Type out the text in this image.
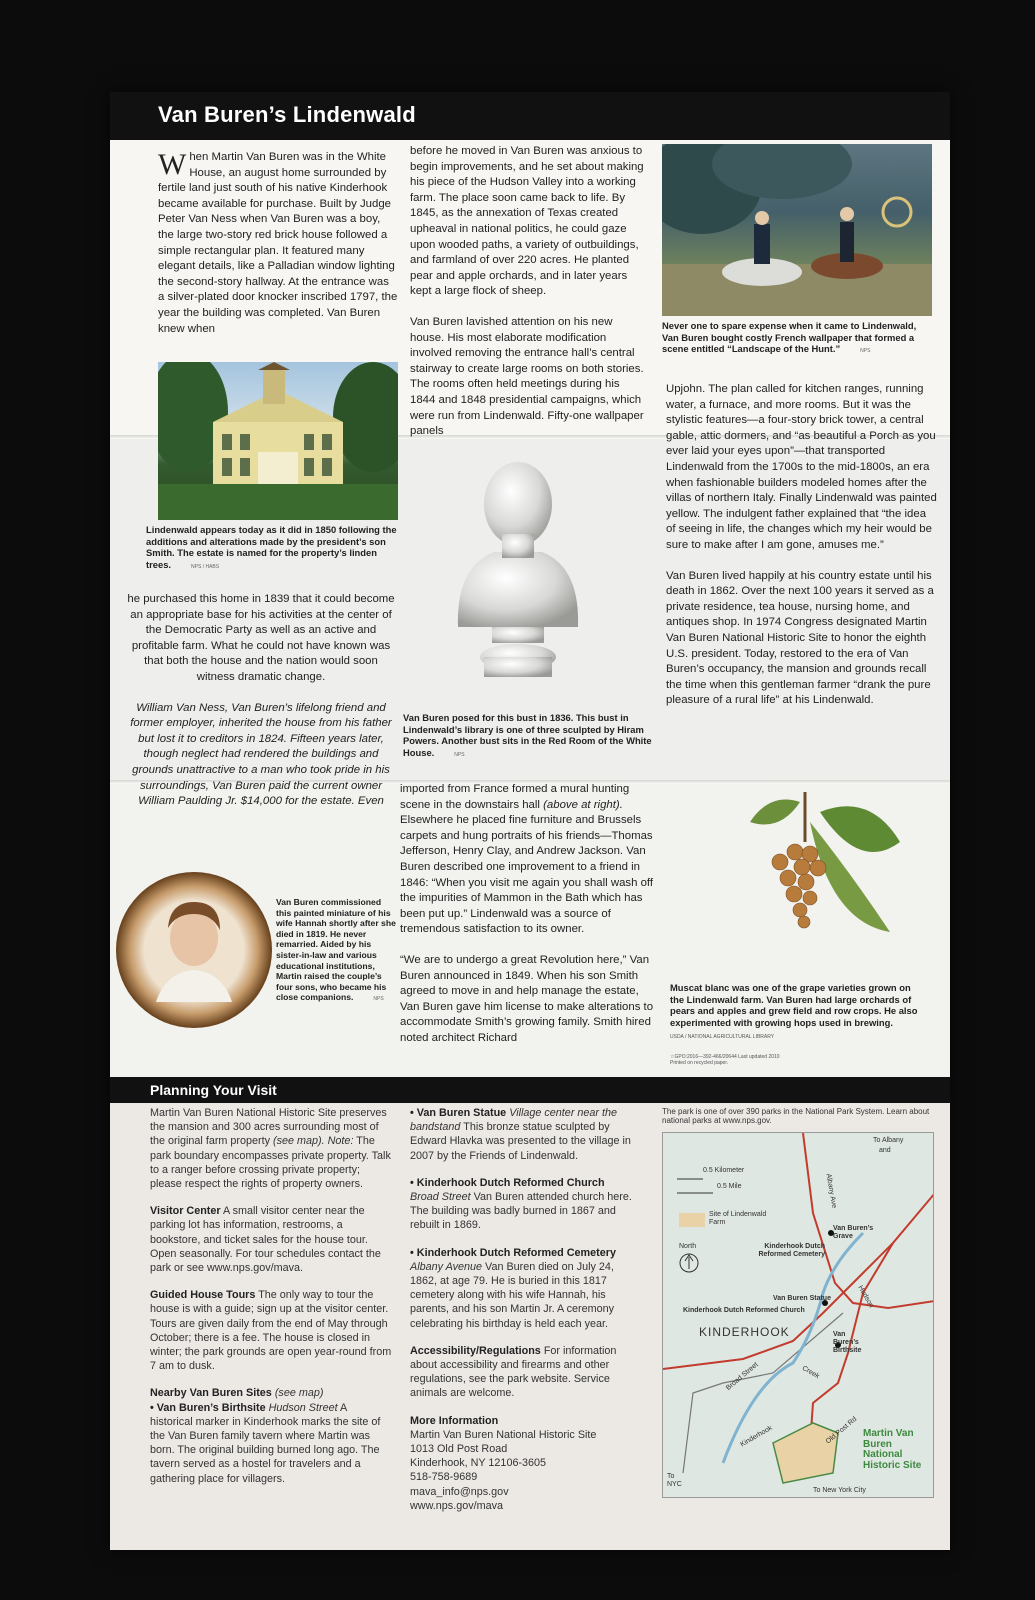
Van Buren’s Lindenwald

When Martin Van Buren was in the White House, an august home surrounded by fertile land just south of his native Kinderhook became available for purchase. Built by Judge Peter Van Ness when Van Buren was a boy, the large two-story red brick house followed a simple rectangular plan. It featured many elegant details, like a Palladian window lighting the second-story hallway. At the entrance was a silver-plated door knocker inscribed 1797, the year the building was completed. Van Buren knew when

Lindenwald appears today as it did in 1850 following the additions and alterations made by the president’s son Smith. The estate is named for the property’s linden trees.	NPS / HABS

he purchased this home in 1839 that it could become an appropriate base for his activities at the center of the Democratic Party as well as an active and profitable farm. What he could not have known was that both the house and the nation would soon witness dramatic change.

William Van Ness, Van Buren’s lifelong friend and former employer, inherited the house from his father but lost it to creditors in 1824. Fifteen years later, though neglect had rendered the buildings and grounds unattractive to a man who took pride in his surroundings, Van Buren paid the current owner William Paulding Jr. $14,000 for the estate. Even

Van Buren commissioned this painted miniature of his wife Hannah shortly after she died in 1819. He never remarried. Aided by his sister-in-law and various educational institutions, Martin raised the couple’s four sons, who became his close companions.	NPS

before he moved in Van Buren was anxious to begin improvements, and he set about making his piece of the Hudson Valley into a working farm. The place soon came back to life. By 1845, as the annexation of Texas created upheaval in national politics, he could gaze upon wooded paths, a variety of outbuildings, and farmland of over 220 acres. He planted pear and apple orchards, and in later years kept a large flock of sheep.

Van Buren lavished attention on his new house. His most elaborate modification involved removing the entrance hall’s central stairway to create large rooms on both stories. The rooms often held meetings during his 1844 and 1848 presidential campaigns, which were run from Lindenwald. Fifty-one wallpaper panels

Van Buren posed for this bust in 1836. This bust in Lindenwald’s library is one of three sculpted by Hiram Powers. Another bust sits in the Red Room of the White House.	NPS

imported from France formed a mural hunting scene in the downstairs hall (above at right). Elsewhere he placed fine furniture and Brussels carpets and hung portraits of his friends—Thomas Jefferson, Henry Clay, and Andrew Jackson. Van Buren described one improvement to a friend in 1846: “When you visit me again you shall wash off the impurities of Mammon in the Bath which has been put up.” Lindenwald was a source of tremendous satisfaction to its owner.

“We are to undergo a great Revolution here,” Van Buren announced in 1849. When his son Smith agreed to move in and help manage the estate, Van Buren gave him license to make alterations to accommodate Smith’s growing family. Smith hired noted architect Richard

Never one to spare expense when it came to Lindenwald, Van Buren bought costly French wallpaper that formed a scene entitled “Landscape of the Hunt.”	NPS

Upjohn. The plan called for kitchen ranges, running water, a furnace, and more rooms. But it was the stylistic features—a four-story brick tower, a central gable, attic dormers, and “as beautiful a Porch as you ever laid your eyes upon”—that transported Lindenwald from the 1700s to the mid-1800s, an era when fashionable builders modeled homes after the villas of northern Italy. Finally Lindenwald was painted yellow. The indulgent father explained that “the idea of seeing in life, the changes which my heir would be sure to make after I am gone, amuses me.”

Van Buren lived happily at his country estate until his death in 1862. Over the next 100 years it served as a private residence, tea house, nursing home, and antiques shop. In 1974 Congress designated Martin Van Buren National Historic Site to honor the eighth U.S. president. Today, restored to the era of Van Buren’s occupancy, the mansion and grounds recall the time when this gentleman farmer “drank the pure pleasure of a rural life” at his Lindenwald.

Muscat blanc was one of the grape varieties grown on the Lindenwald farm. Van Buren had large orchards of pears and apples and grew field and row crops. He also experimented with growing hops used in brewing.
USDA / NATIONAL AGRICULTURAL LIBRARY
☆GPO:2016—392-466/20644 Last updated 2010
Printed on recycled paper.
Planning Your Visit

Martin Van Buren National Historic Site preserves the mansion and 300 acres surrounding most of the original farm property (see map). Note: The park boundary encompasses private property. Talk to a ranger before crossing private property; please respect the rights of property owners.

Visitor Center A small visitor center near the parking lot has information, restrooms, a bookstore, and ticket sales for the house tour. Open seasonally. For tour schedules contact the park or see www.nps.gov/mava.

Guided House Tours The only way to tour the house is with a guide; sign up at the visitor center. Tours are given daily from the end of May through October; there is a fee. The house is closed in winter; the park grounds are open year-round from 7 am to dusk.

Nearby Van Buren Sites (see map)
• Van Buren’s Birthsite Hudson Street A historical marker in Kinderhook marks the site of the Van Buren family tavern where Martin was born. The original building burned long ago. The tavern served as a hostel for travelers and a gathering place for villagers.

• Van Buren Statue Village center near the bandstand This bronze statue sculpted by Edward Hlavka was presented to the village in 2007 by the Friends of Lindenwald.

• Kinderhook Dutch Reformed Church
Broad Street Van Buren attended church here. The building was badly burned in 1867 and rebuilt in 1869.

• Kinderhook Dutch Reformed Cemetery
Albany Avenue Van Buren died on July 24, 1862, at age 79. He is buried in this 1817 cemetery along with his wife Hannah, his parents, and his son Martin Jr. A ceremony celebrating his birthday is held each year.

Accessibility/Regulations For information about accessibility and firearms and other regulations, see the park website. Service animals are welcome.

More Information
Martin Van Buren National Historic Site
1013 Old Post Road
Kinderhook, NY 12106-3605
518-758-9689
mava_info@nps.gov
www.nps.gov/mava

The park is one of over 390 parks in the National Park System. Learn about national parks at www.nps.gov.
0.5 Kilometer
0.5 Mile
To Albany
and
Site of Lindenwald Farm
North	Kinderhook Dutch Reformed Cemetery
Van Buren’s Grave
Van Buren Statue
Kinderhook Dutch Reformed Church
KINDERHOOK	Van Buren’s Birthsite
Albany Ave
Broad Street
Hudson
Creek
Kinderhook	Old Post Rd Martin Van Buren National Historic Site
To NYC
To New York City
